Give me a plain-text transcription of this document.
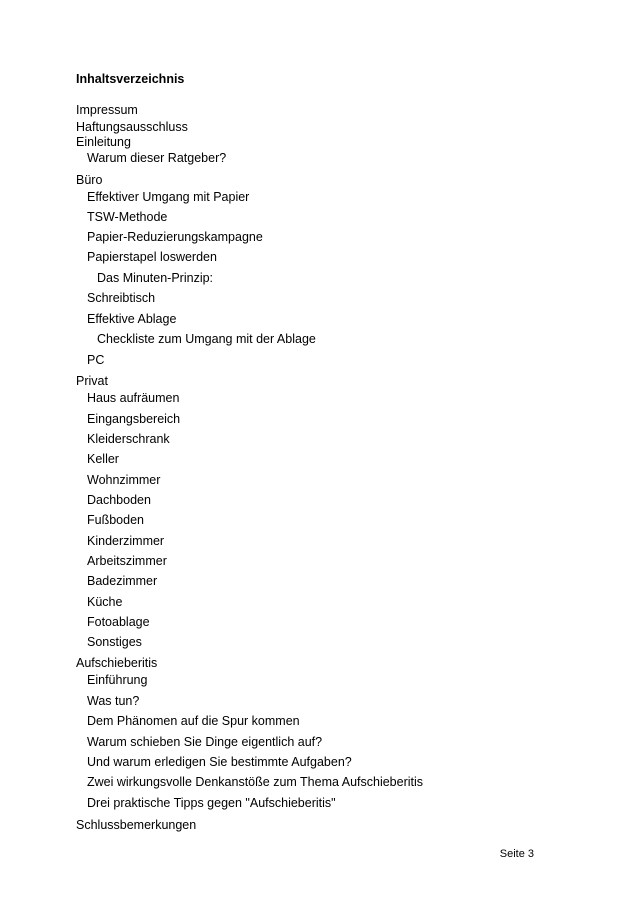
Inhaltsverzeichnis
Impressum
Haftungsausschluss
Einleitung
Warum dieser Ratgeber?
Büro
Effektiver Umgang mit Papier
TSW-Methode
Papier-Reduzierungskampagne
Papierstapel loswerden
Das Minuten-Prinzip:
Schreibtisch
Effektive Ablage
Checkliste zum Umgang mit der Ablage
PC
Privat
Haus aufräumen
Eingangsbereich
Kleiderschrank
Keller
Wohnzimmer
Dachboden
Fußboden
Kinderzimmer
Arbeitszimmer
Badezimmer
Küche
Fotoablage
Sonstiges
Aufschieberitis
Einführung
Was tun?
Dem Phänomen auf die Spur kommen
Warum schieben Sie Dinge eigentlich auf?
Und warum erledigen Sie bestimmte Aufgaben?
Zwei wirkungsvolle Denkanstöße zum Thema Aufschieberitis
Drei praktische Tipps gegen "Aufschieberitis"
Schlussbemerkungen
Seite 3
